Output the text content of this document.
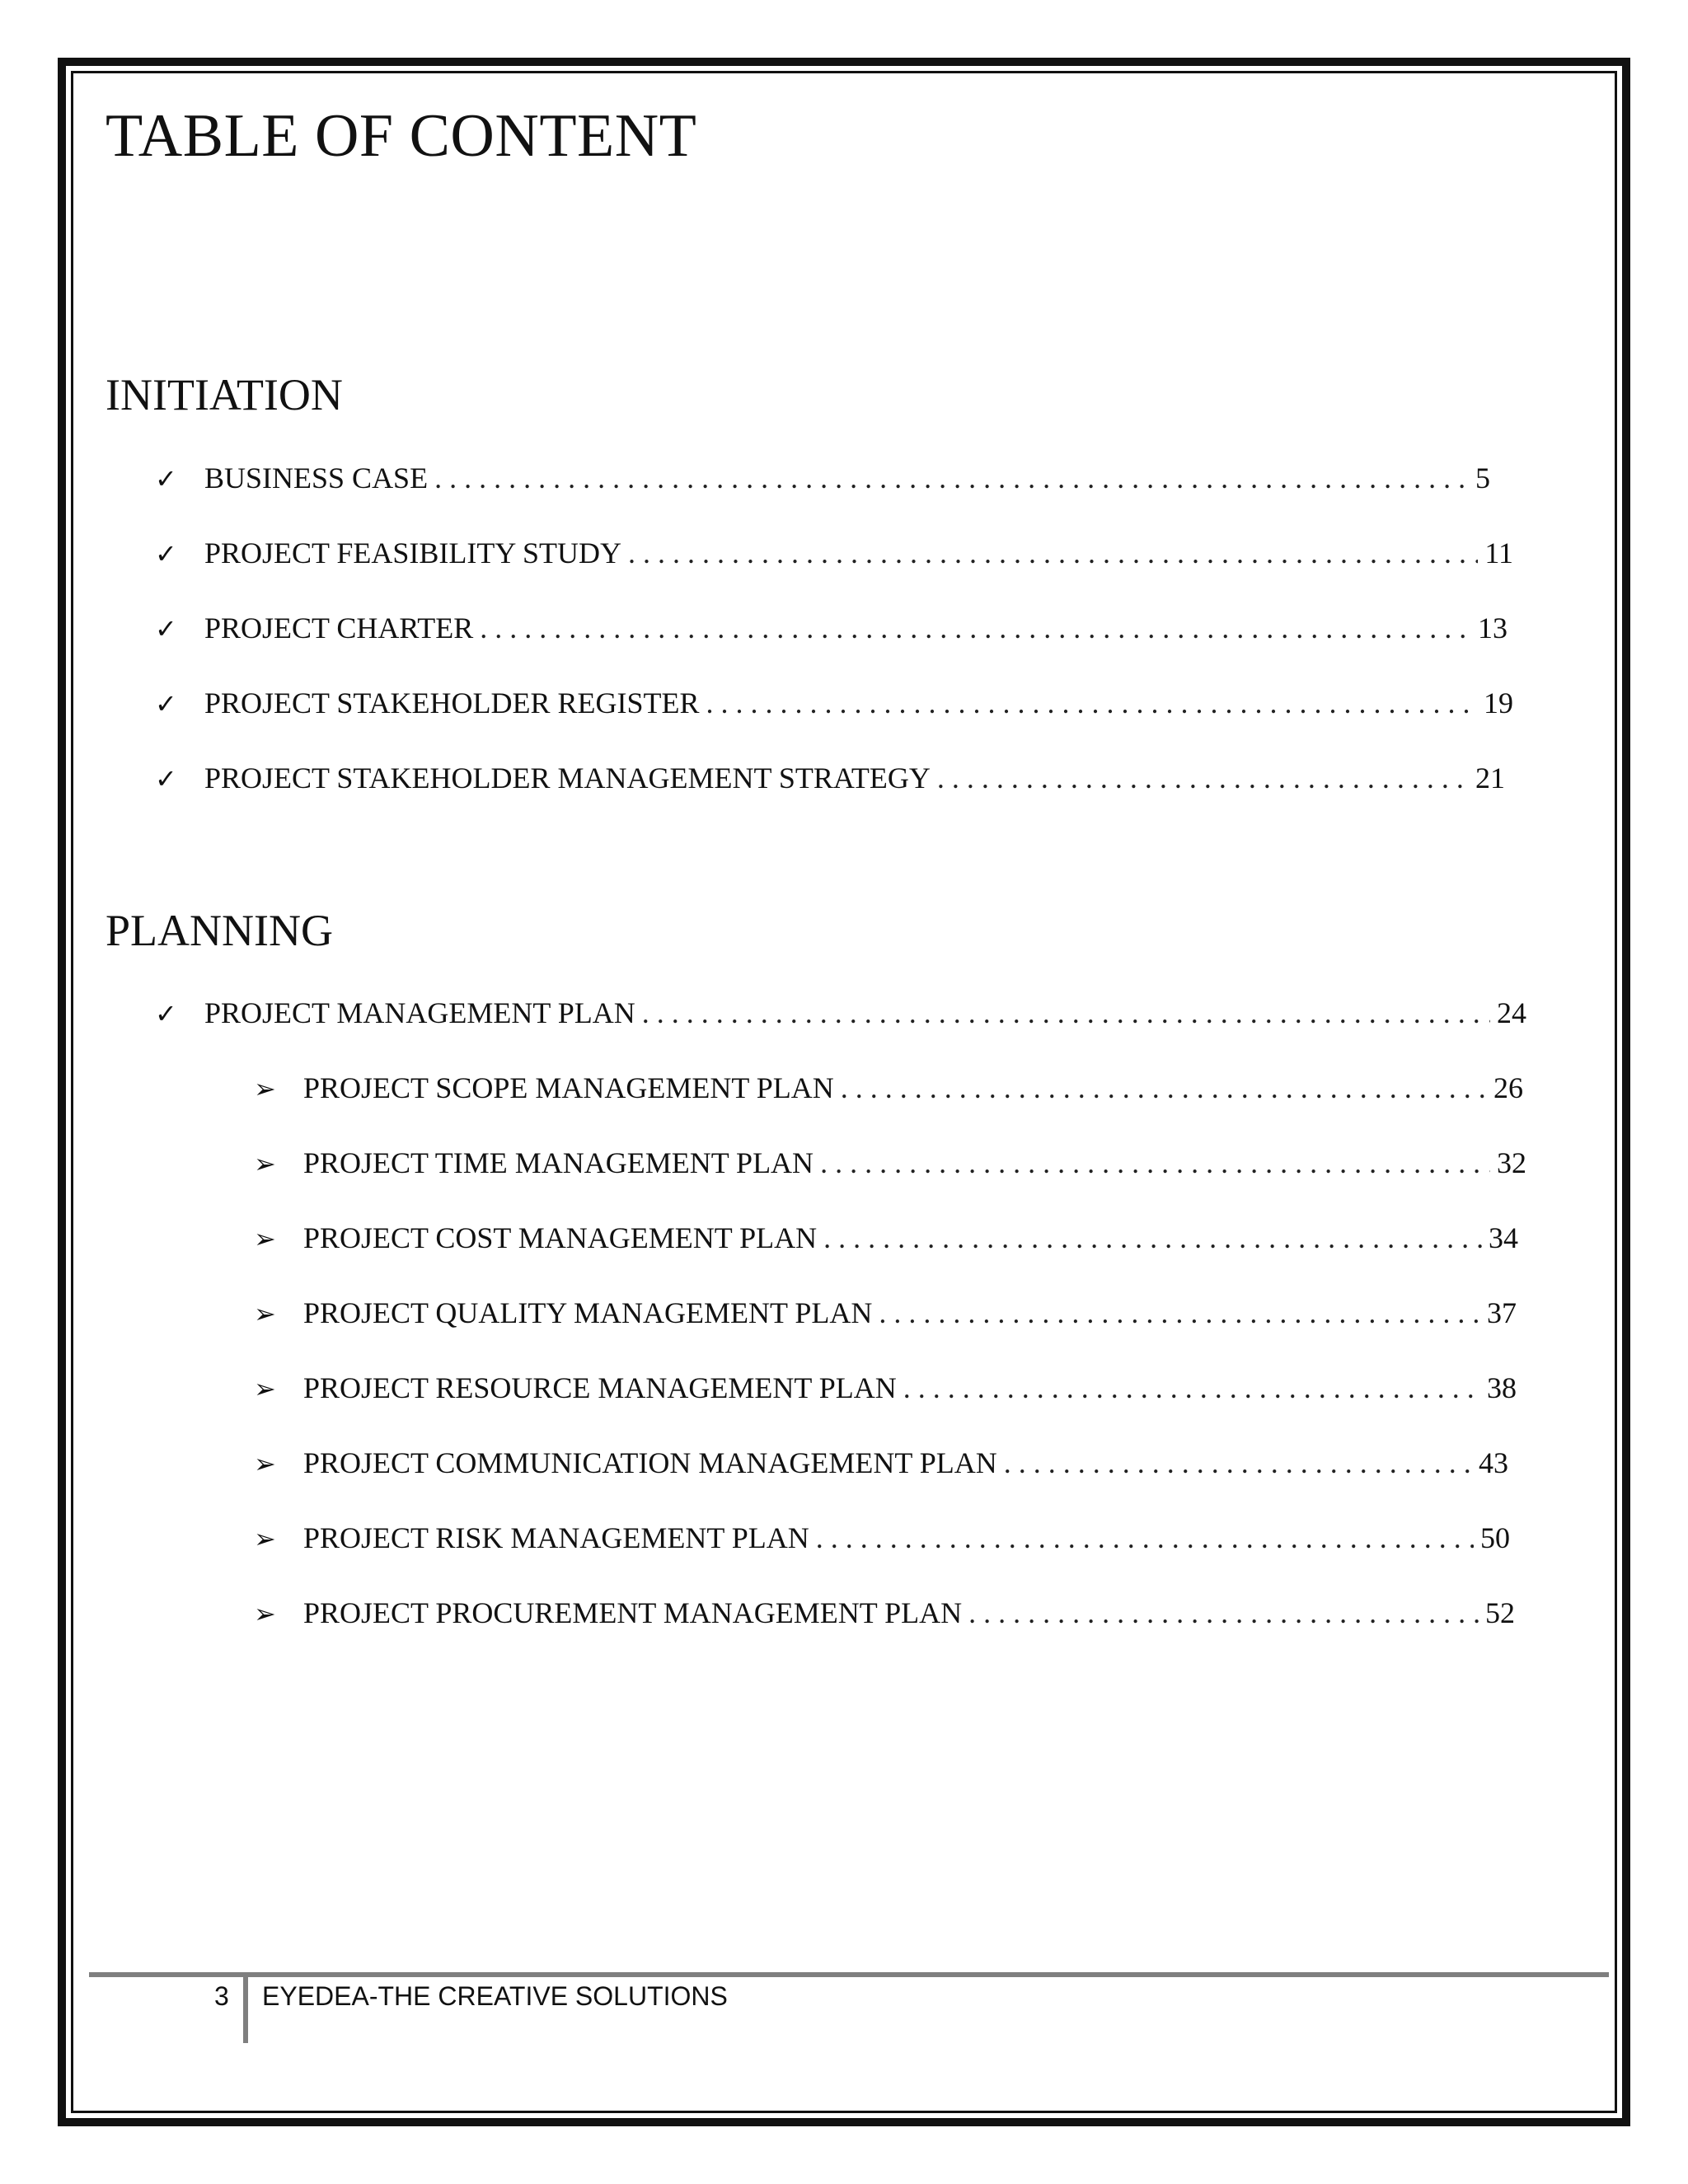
TABLE OF CONTENT
INITIATION
✓ BUSINESS CASE . . .	5
✓ PROJECT FEASIBILITY STUDY . . .	11
✓ PROJECT CHARTER . . .	13
✓ PROJECT STAKEHOLDER REGISTER . . .	19
✓ PROJECT STAKEHOLDER MANAGEMENT STRATEGY . . .	21
PLANNING
✓ PROJECT MANAGEMENT PLAN . . .	24
➢ PROJECT SCOPE MANAGEMENT PLAN . . .	26
➢ PROJECT TIME MANAGEMENT PLAN . . .	32
➢ PROJECT COST MANAGEMENT PLAN . . .	34
➢ PROJECT QUALITY MANAGEMENT PLAN . . .	37
➢ PROJECT RESOURCE MANAGEMENT PLAN . . .	38
➢ PROJECT COMMUNICATION MANAGEMENT PLAN . . .	43
➢ PROJECT RISK MANAGEMENT PLAN . . .	50
➢ PROJECT PROCUREMENT MANAGEMENT PLAN . . .	52
3 EYEDEA-THE CREATIVE SOLUTIONS
